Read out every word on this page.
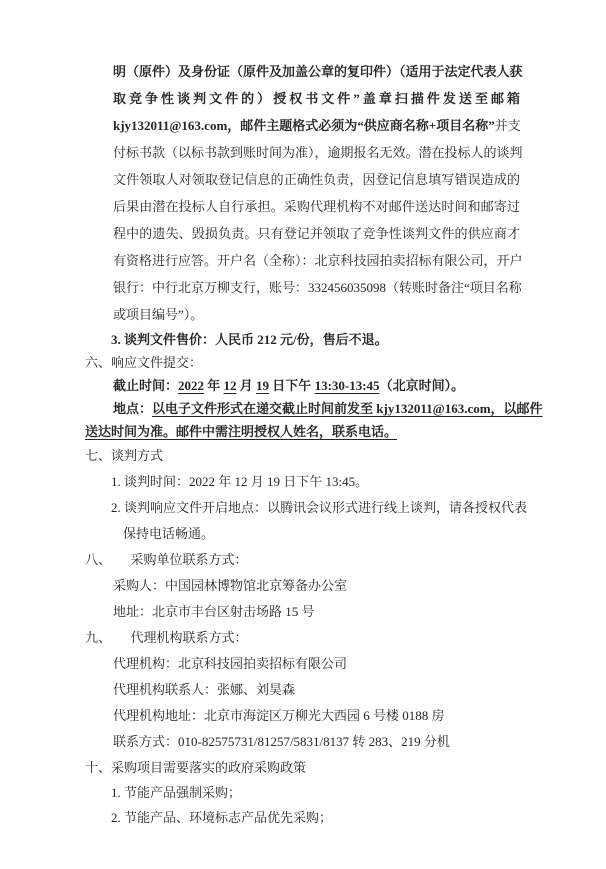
明（原件）及身份证（原件及加盖公章的复印件）（适用于法定代表人获
取竞争性谈判文件的）授权书文件”盖章扫描件发送至邮箱
kjy132011@163.com，邮件主题格式必须为“供应商名称+项目名称”并支
付标书款（以标书款到账时间为准），逾期报名无效。潜在投标人的谈判
文件领取人对领取登记信息的正确性负责，因登记信息填写错误造成的
后果由潜在投标人自行承担。采购代理机构不对邮件送达时间和邮寄过
程中的遗失、毁损负责。只有登记并领取了竞争性谈判文件的供应商才
有资格进行应答。开户名（全称）：北京科技园拍卖招标有限公司，开户
银行：中行北京万柳支行，账号：332456035098（转账时备注“项目名称
或项目编号”）。
3. 谈判文件售价：人民币 212 元/份，售后不退。
六、响应文件提交：
截止时间：2022 年 12 月 19 日下午 13:30-13:45（北京时间）。
地点：以电子文件形式在递交截止时间前发至 kjy132011@163.com，以邮件
送达时间为准。邮件中需注明授权人姓名，联系电话。
七、谈判方式
1. 谈判时间：2022 年 12 月 19 日下午 13:45。
2. 谈判响应文件开启地点：以腾讯会议形式进行线上谈判，请各授权代表
保持电话畅通。
八、　　采购单位联系方式：
采购人：中国园林博物馆北京筹备办公室
地址：北京市丰台区射击场路 15 号
九、　　代理机构联系方式：
代理机构：北京科技园拍卖招标有限公司
代理机构联系人：张娜、刘昊森
代理机构地址：北京市海淀区万柳光大西园 6 号楼 0188 房
联系方式：010-82575731/81257/5831/8137 转 283、219 分机
十、采购项目需要落实的政府采购政策
1. 节能产品强制采购；
2. 节能产品、环境标志产品优先采购；
